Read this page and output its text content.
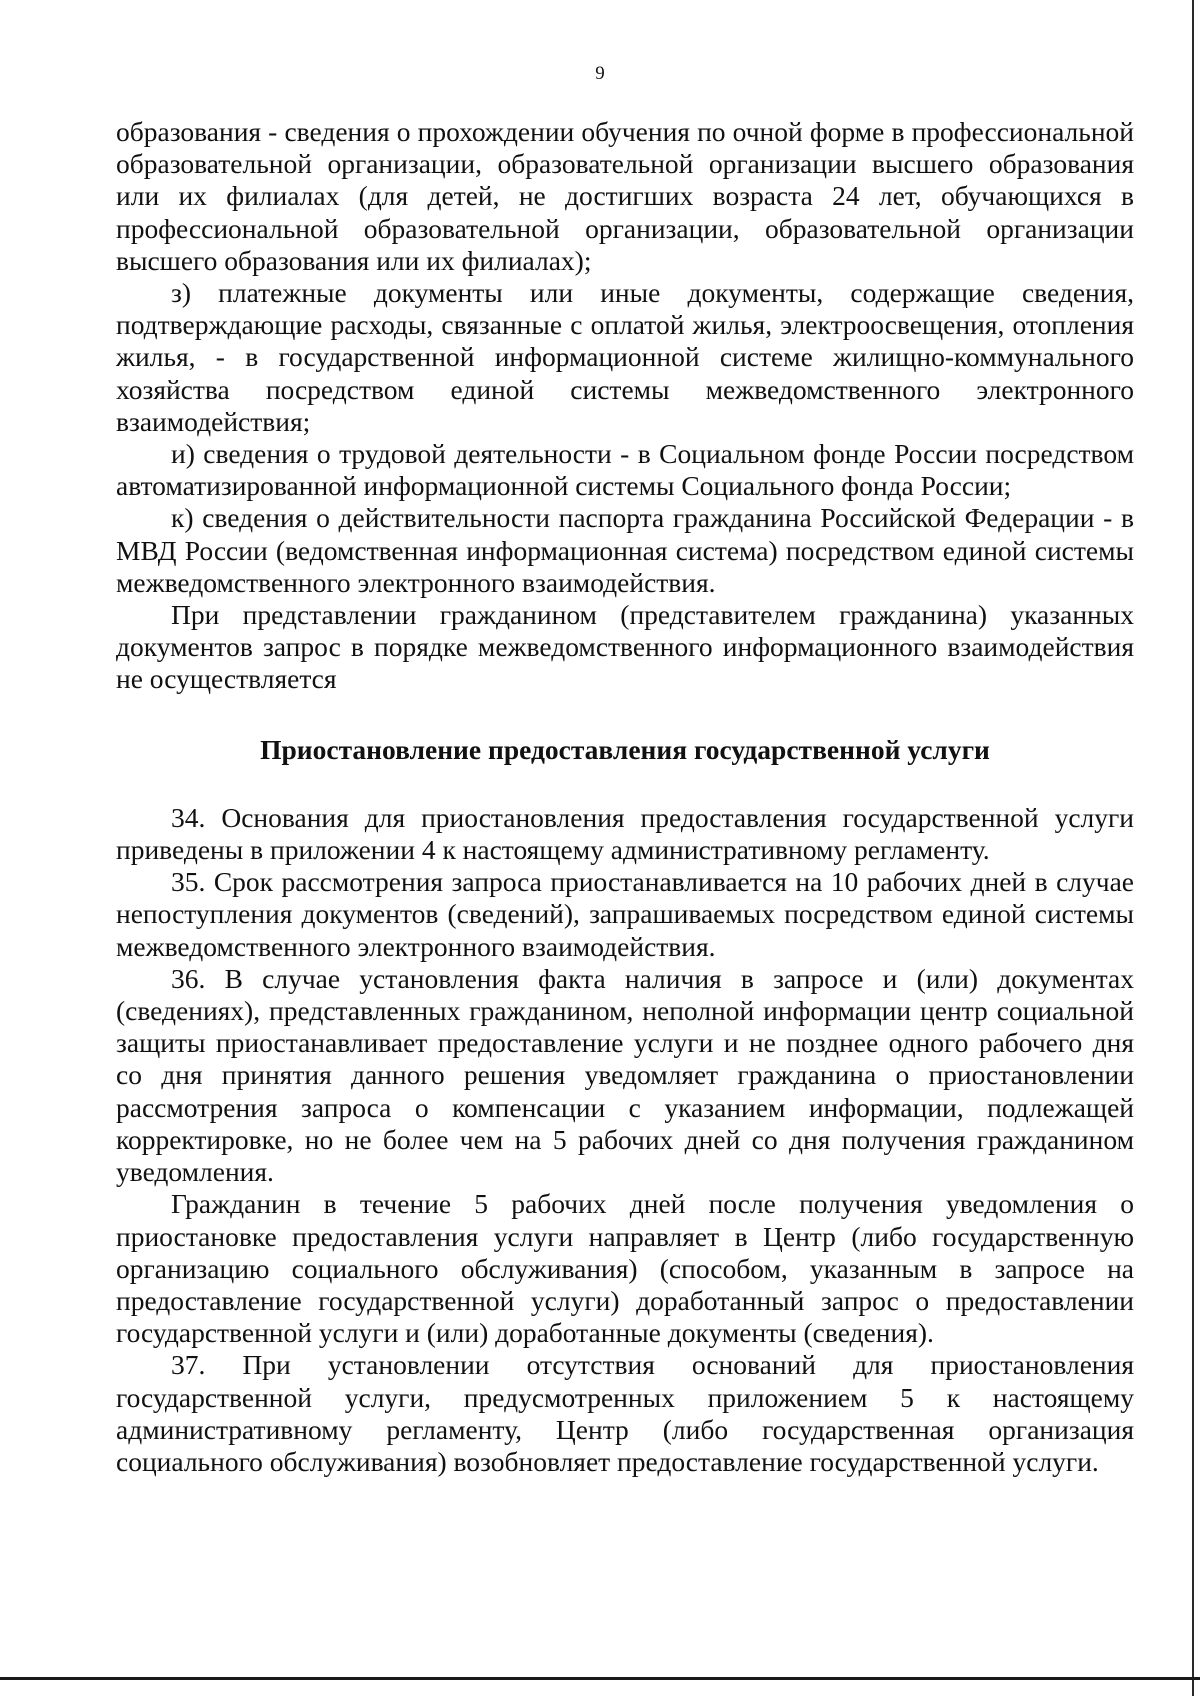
9

образования - сведения о прохождении обучения по очной форме в профессиональной образовательной организации, образовательной организации высшего образования или их филиалах (для детей, не достигших возраста 24 лет, обучающихся в профессиональной образовательной организации, образовательной организации высшего образования или их филиалах);

з) платежные документы или иные документы, содержащие сведения, подтверждающие расходы, связанные с оплатой жилья, электроосвещения, отопления жилья, - в государственной информационной системе жилищно-коммунального хозяйства посредством единой системы межведомственного электронного взаимодействия;

и) сведения о трудовой деятельности - в Социальном фонде России посредством автоматизированной информационной системы Социального фонда России;

к) сведения о действительности паспорта гражданина Российской Федерации - в МВД России (ведомственная информационная система) посредством единой системы межведомственного электронного взаимодействия.

При представлении гражданином (представителем гражданина) указанных документов запрос в порядке межведомственного информационного взаимодействия не осуществляется

Приостановление предоставления государственной услуги

34. Основания для приостановления предоставления государственной услуги приведены в приложении 4 к настоящему административному регламенту.

35. Срок рассмотрения запроса приостанавливается на 10 рабочих дней в случае непоступления документов (сведений), запрашиваемых посредством единой системы межведомственного электронного взаимодействия.

36. В случае установления факта наличия в запросе и (или) документах (сведениях), представленных гражданином, неполной информации центр социальной защиты приостанавливает предоставление услуги и не позднее одного рабочего дня со дня принятия данного решения уведомляет гражданина о приостановлении рассмотрения запроса о компенсации с указанием информации, подлежащей корректировке, но не более чем на 5 рабочих дней со дня получения гражданином уведомления.

Гражданин в течение 5 рабочих дней после получения уведомления о приостановке предоставления услуги направляет в Центр (либо государственную организацию социального обслуживания) (способом, указанным в запросе на предоставление государственной услуги) доработанный запрос о предоставлении государственной услуги и (или) доработанные документы (сведения).

37. При установлении отсутствия оснований для приостановления государственной услуги, предусмотренных приложением 5 к настоящему административному регламенту, Центр (либо государственная организация социального обслуживания) возобновляет предоставление государственной услуги.
